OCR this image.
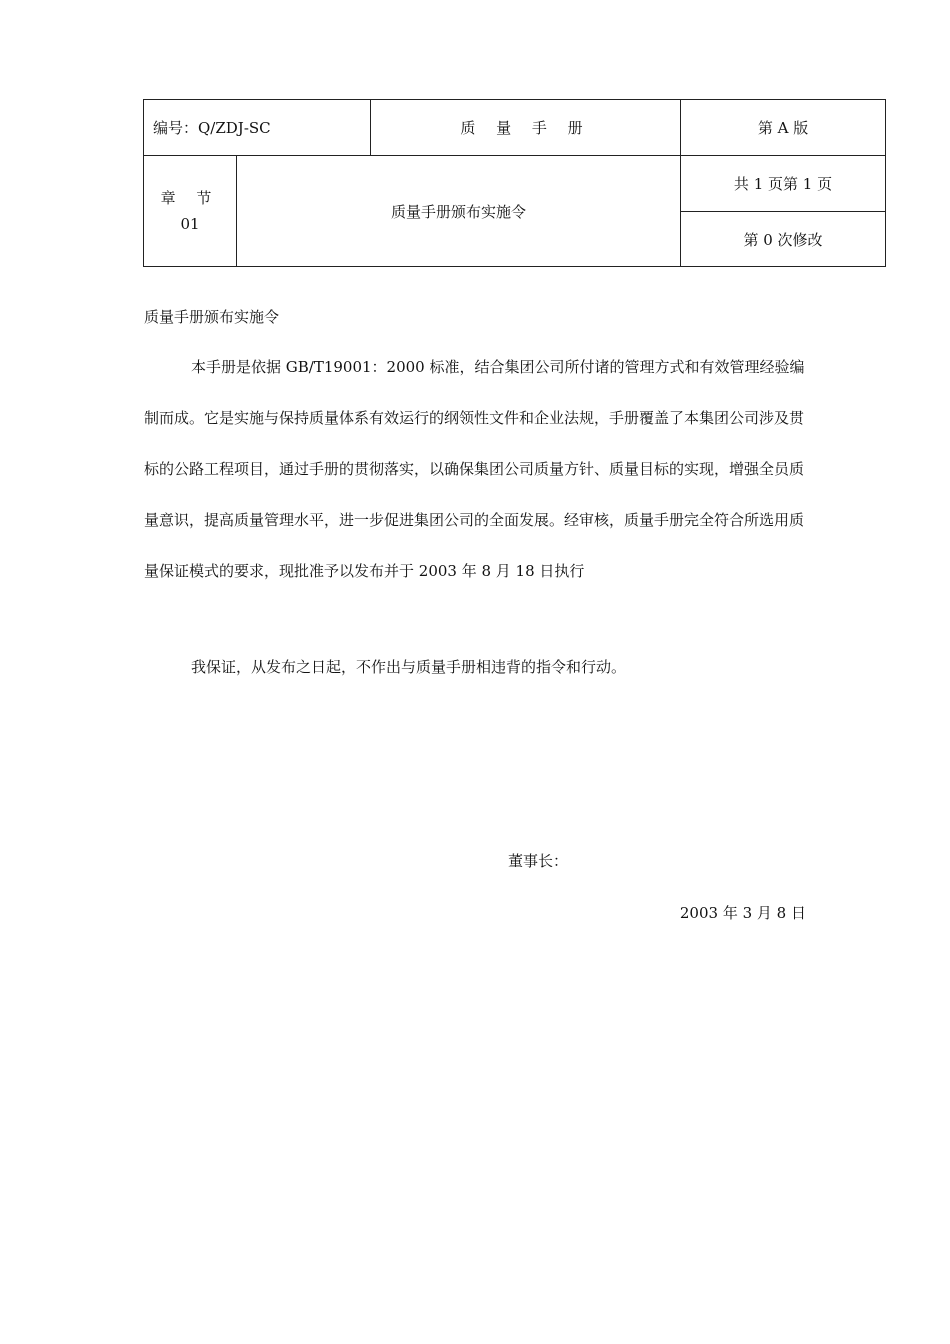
编号：Q/ZDJ-SC		质 量 手 册	第 A 版

章 节
01	质量手册颁布实施令		共 1 页第 1 页
			第 0 次修改

质量手册颁布实施令

本手册是依据 GB/T19001：2000 标准，结合集团公司所付诸的管理方式和有效管理经验编制而成。它是实施与保持质量体系有效运行的纲领性文件和企业法规，手册覆盖了本集团公司涉及贯标的公路工程项目，通过手册的贯彻落实，以确保集团公司质量方针、质量目标的实现，增强全员质量意识，提高质量管理水平，进一步促进集团公司的全面发展。经审核，质量手册完全符合所选用质量保证模式的要求，现批准予以发布并于 2003 年 8 月 18 日执行

我保证，从发布之日起，不作出与质量手册相违背的指令和行动。

董事长：
2003 年 3 月 8 日
